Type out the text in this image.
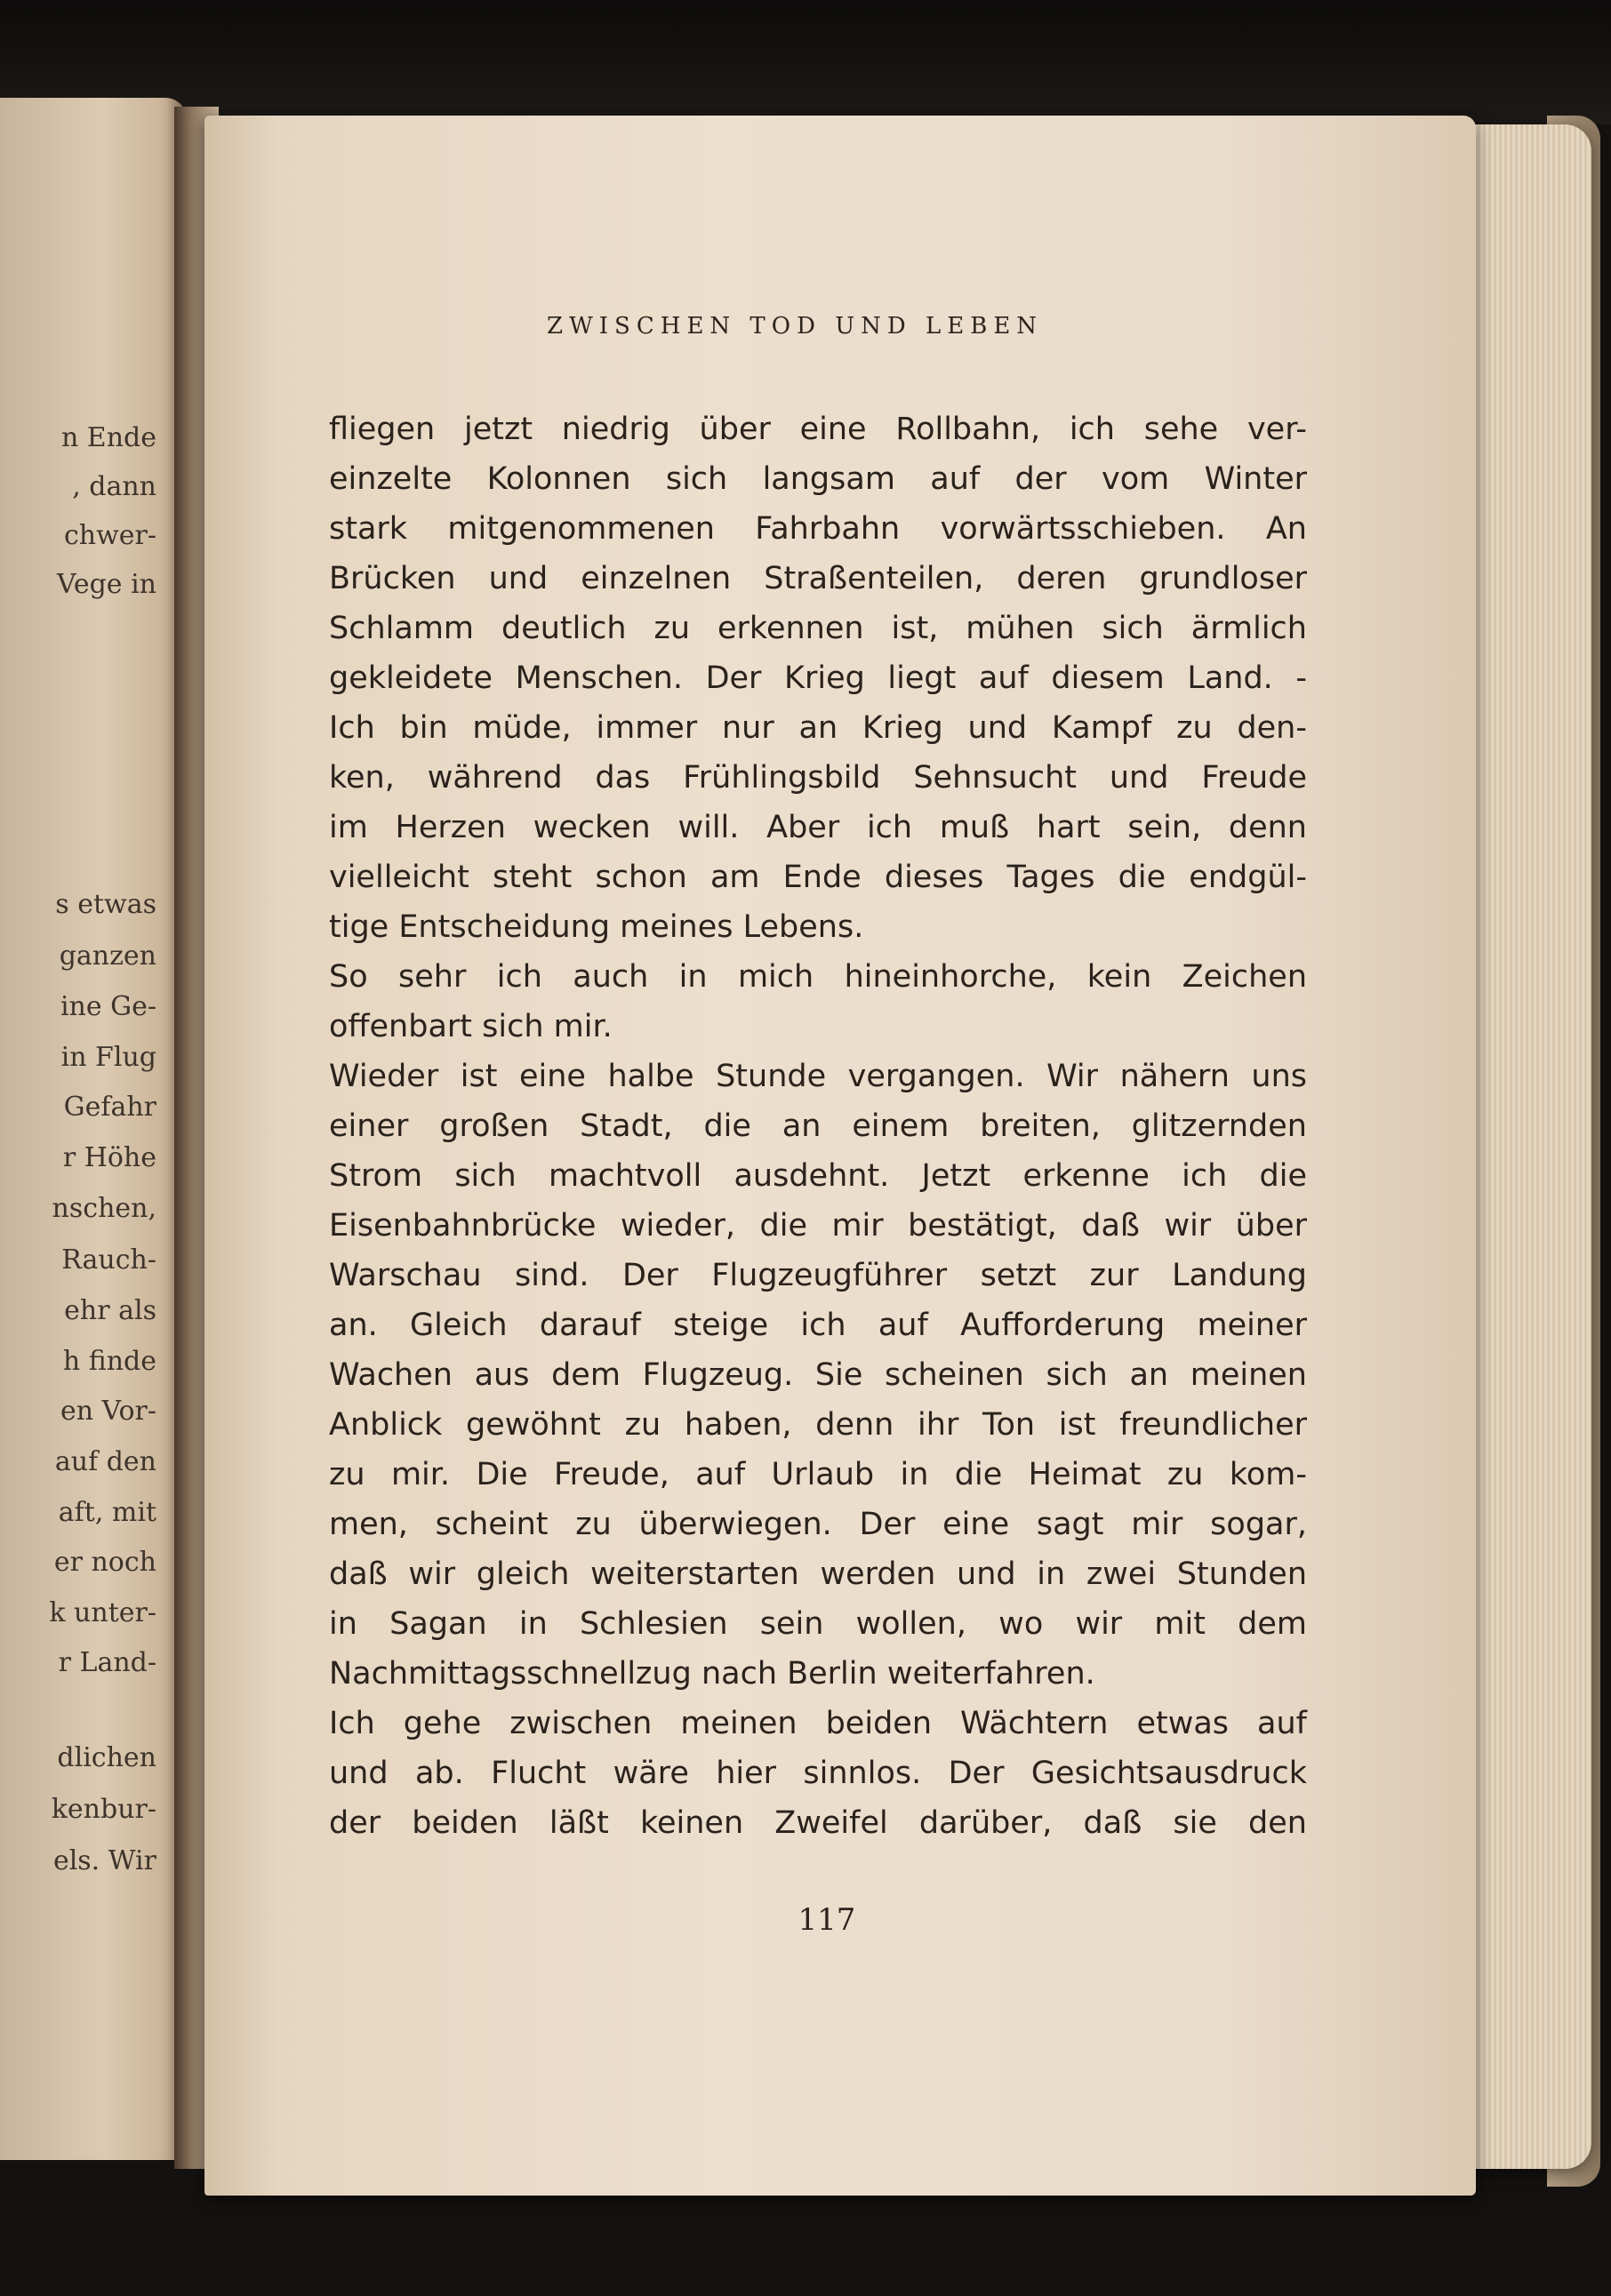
n Ende
, dann
chwer-
Vege in
s etwas
ganzen
ine Ge-
in Flug
Gefahr
r Höhe
nschen,
Rauch-
ehr als
h finde
en Vor-
auf den
aft, mit
er noch
k unter-
r Land-
dlichen
kenbur-
els. Wir
ZWISCHEN TOD UND LEBEN
fliegen jetzt niedrig über eine Rollbahn, ich sehe ver-
einzelte Kolonnen sich langsam auf der vom Winter
stark mitgenommenen Fahrbahn vorwärtsschieben. An
Brücken und einzelnen Straßenteilen, deren grundloser
Schlamm deutlich zu erkennen ist, mühen sich ärmlich
gekleidete Menschen. Der Krieg liegt auf diesem Land. -
Ich bin müde, immer nur an Krieg und Kampf zu den-
ken, während das Frühlingsbild Sehnsucht und Freude
im Herzen wecken will. Aber ich muß hart sein, denn
vielleicht steht schon am Ende dieses Tages die endgül-
tige Entscheidung meines Lebens.
So sehr ich auch in mich hineinhorche, kein Zeichen
offenbart sich mir.
Wieder ist eine halbe Stunde vergangen. Wir nähern uns
einer großen Stadt, die an einem breiten, glitzernden
Strom sich machtvoll ausdehnt. Jetzt erkenne ich die
Eisenbahnbrücke wieder, die mir bestätigt, daß wir über
Warschau sind. Der Flugzeugführer setzt zur Landung
an. Gleich darauf steige ich auf Aufforderung meiner
Wachen aus dem Flugzeug. Sie scheinen sich an meinen
Anblick gewöhnt zu haben, denn ihr Ton ist freundlicher
zu mir. Die Freude, auf Urlaub in die Heimat zu kom-
men, scheint zu überwiegen. Der eine sagt mir sogar,
daß wir gleich weiterstarten werden und in zwei Stunden
in Sagan in Schlesien sein wollen, wo wir mit dem
Nachmittagsschnellzug nach Berlin weiterfahren.
Ich gehe zwischen meinen beiden Wächtern etwas auf
und ab. Flucht wäre hier sinnlos. Der Gesichtsausdruck
der beiden läßt keinen Zweifel darüber, daß sie den
117
